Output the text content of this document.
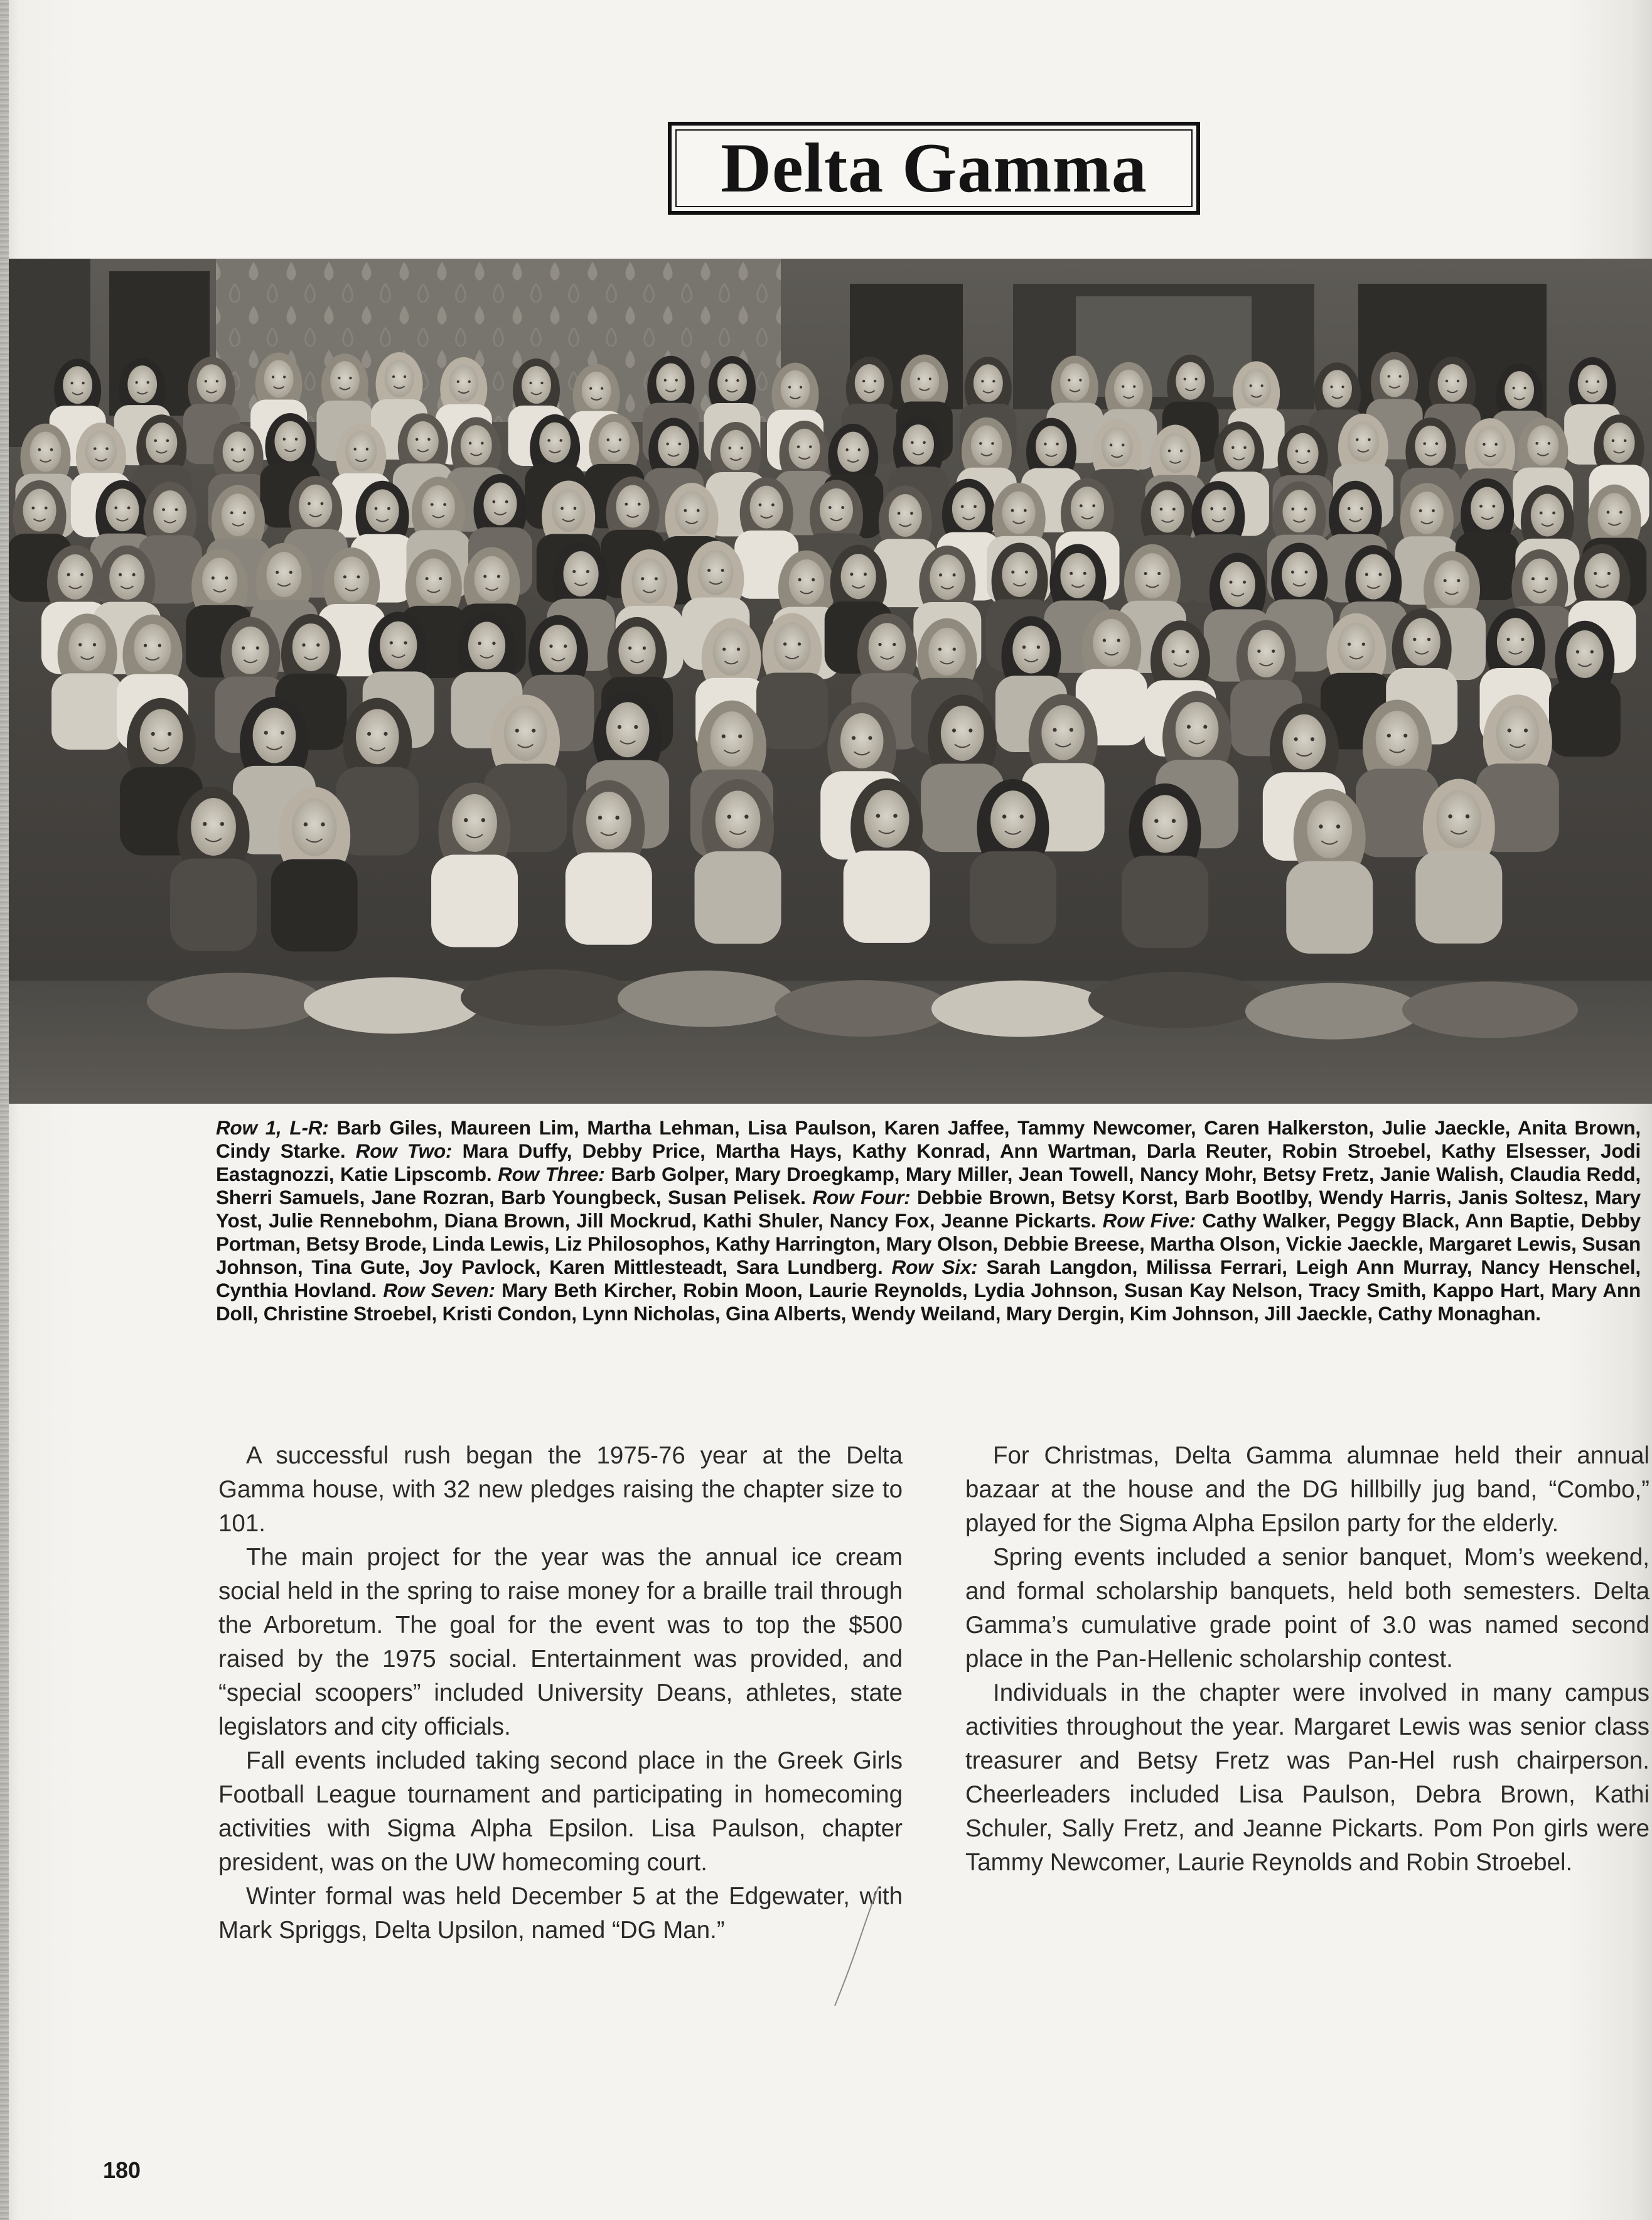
Delta Gamma
Row 1, L-R: Barb Giles, Maureen Lim, Martha Lehman, Lisa Paulson, Karen Jaffee, Tammy Newcomer, Caren Halkerston, Julie Jaeckle, Anita Brown, Cindy Starke. Row Two: Mara Duffy, Debby Price, Martha Hays, Kathy Konrad, Ann Wartman, Darla Reuter, Robin Stroebel, Kathy Elsesser, Jodi Eastagnozzi, Katie Lipscomb. Row Three: Barb Golper, Mary Droegkamp, Mary Miller, Jean Towell, Nancy Mohr, Betsy Fretz, Janie Walish, Claudia Redd, Sherri Samuels, Jane Rozran, Barb Youngbeck, Susan Pelisek. Row Four: Debbie Brown, Betsy Korst, Barb Bootlby, Wendy Harris, Janis Soltesz, Mary Yost, Julie Rennebohm, Diana Brown, Jill Mockrud, Kathi Shuler, Nancy Fox, Jeanne Pickarts. Row Five: Cathy Walker, Peggy Black, Ann Baptie, Debby Portman, Betsy Brode, Linda Lewis, Liz Philosophos, Kathy Harrington, Mary Olson, Debbie Breese, Martha Olson, Vickie Jaeckle, Margaret Lewis, Susan Johnson, Tina Gute, Joy Pavlock, Karen Mittlesteadt, Sara Lundberg. Row Six: Sarah Langdon, Milissa Ferrari, Leigh Ann Murray, Nancy Henschel, Cynthia Hovland. Row Seven: Mary Beth Kircher, Robin Moon, Laurie Reynolds, Lydia Johnson, Susan Kay Nelson, Tracy Smith, Kappo Hart, Mary Ann Doll, Christine Stroebel, Kristi Condon, Lynn Nicholas, Gina Alberts, Wendy Weiland, Mary Dergin, Kim Johnson, Jill Jaeckle, Cathy Monaghan.

A successful rush began the 1975-76 year at the Delta Gamma house, with 32 new pledges raising the chapter size to 101.

The main project for the year was the annual ice cream social held in the spring to raise money for a braille trail through the Arboretum. The goal for the event was to top the $500 raised by the 1975 social. Entertainment was provided, and “special scoopers” included University Deans, athletes, state legislators and city officials.

Fall events included taking second place in the Greek Girls Football League tournament and participating in homecoming activities with Sigma Alpha Epsilon. Lisa Paulson, chapter president, was on the UW homecoming court.

Winter formal was held December 5 at the Edgewater, with Mark Spriggs, Delta Upsilon, named “DG Man.”

For Christmas, Delta Gamma alumnae held their annual bazaar at the house and the DG hillbilly jug band, “Combo,” played for the Sigma Alpha Epsilon party for the elderly.

Spring events included a senior banquet, Mom’s weekend, and formal scholarship banquets, held both semesters. Delta Gamma’s cumulative grade point of 3.0 was named second place in the Pan-Hellenic scholarship contest.

Individuals in the chapter were involved in many campus activities throughout the year. Margaret Lewis was senior class treasurer and Betsy Fretz was Pan-Hel rush chairperson. Cheerleaders included Lisa Paulson, Debra Brown, Kathi Schuler, Sally Fretz, and Jeanne Pickarts. Pom Pon girls were Tammy Newcomer, Laurie Reynolds and Robin Stroebel.

180
